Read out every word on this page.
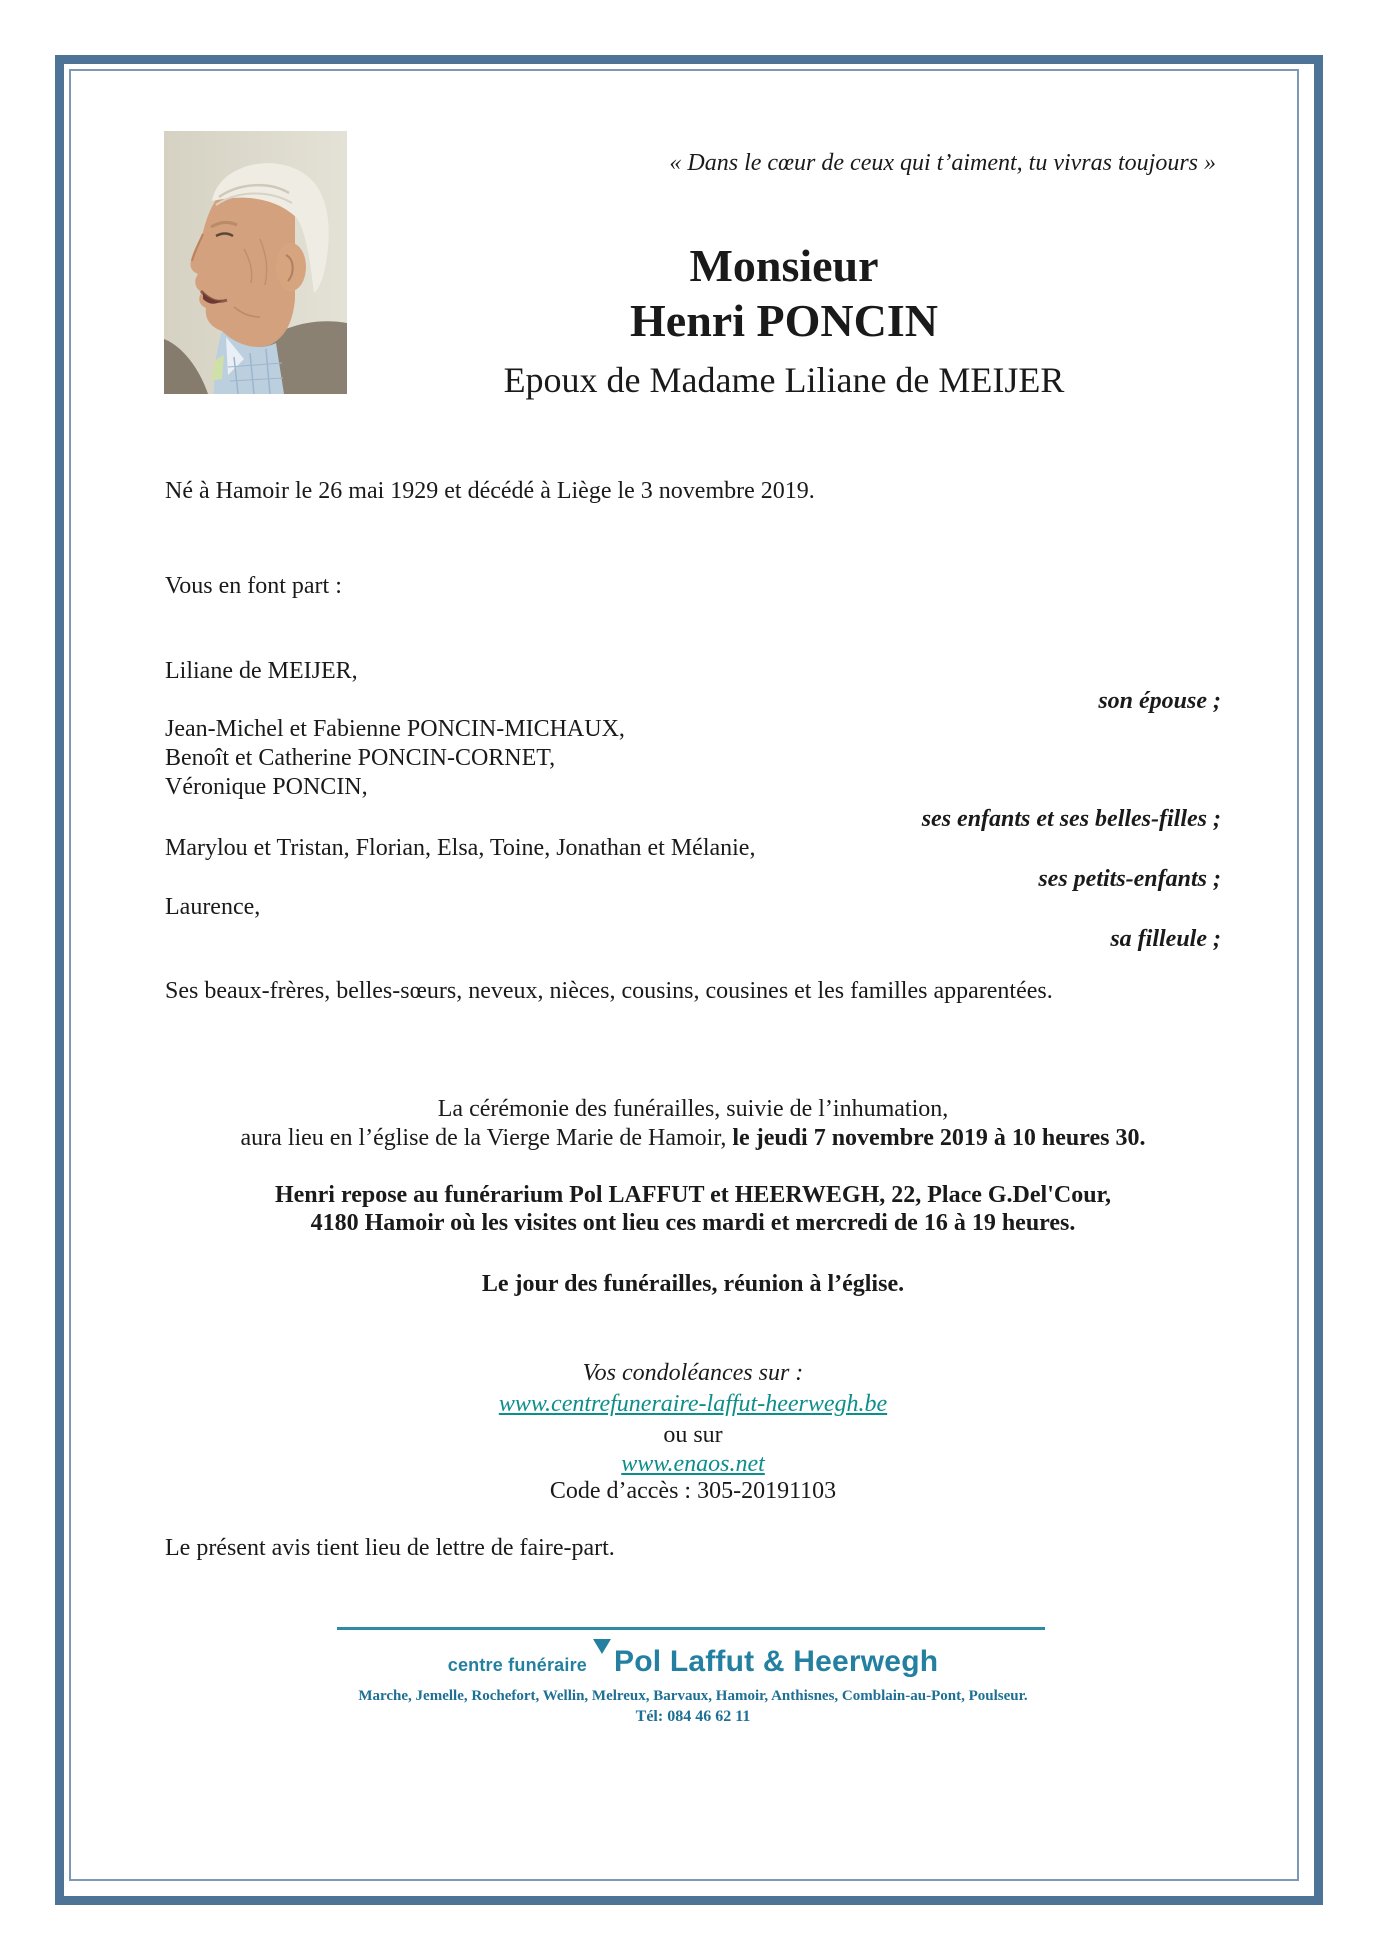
« Dans le cœur de ceux qui t’aiment, tu vivras toujours »
Monsieur
Henri PONCIN
Epoux de Madame Liliane de MEIJER
Né à Hamoir le 26 mai 1929 et décédé à Liège le 3 novembre 2019.
Vous en font part :
Liliane de MEIJER,
son épouse ;
Jean-Michel et Fabienne PONCIN-MICHAUX,
Benoît et Catherine PONCIN-CORNET,
Véronique PONCIN,
ses enfants et ses belles-filles ;
Marylou et Tristan, Florian, Elsa, Toine, Jonathan et Mélanie,
ses petits-enfants ;
Laurence,
sa filleule ;
Ses beaux-frères, belles-sœurs, neveux, nièces, cousins, cousines et les familles apparentées.
La cérémonie des funérailles, suivie de l’inhumation,
aura lieu en l’église de la Vierge Marie de Hamoir, le jeudi 7 novembre 2019 à 10 heures 30.
Henri repose au funérarium Pol LAFFUT et HEERWEGH, 22, Place G.Del'Cour,
4180 Hamoir où les visites ont lieu ces mardi et mercredi de 16 à 19 heures.
Le jour des funérailles, réunion à l’église.
Vos condoléances sur :
www.centrefuneraire-laffut-heerwegh.be
ou sur
www.enaos.net
Code d’accès : 305-20191103
Le présent avis tient lieu de lettre de faire-part.
centre funéraire Pol Laffut & Heerwegh
Marche, Jemelle, Rochefort, Wellin, Melreux, Barvaux, Hamoir, Anthisnes, Comblain-au-Pont, Poulseur.
Tél: 084 46 62 11
